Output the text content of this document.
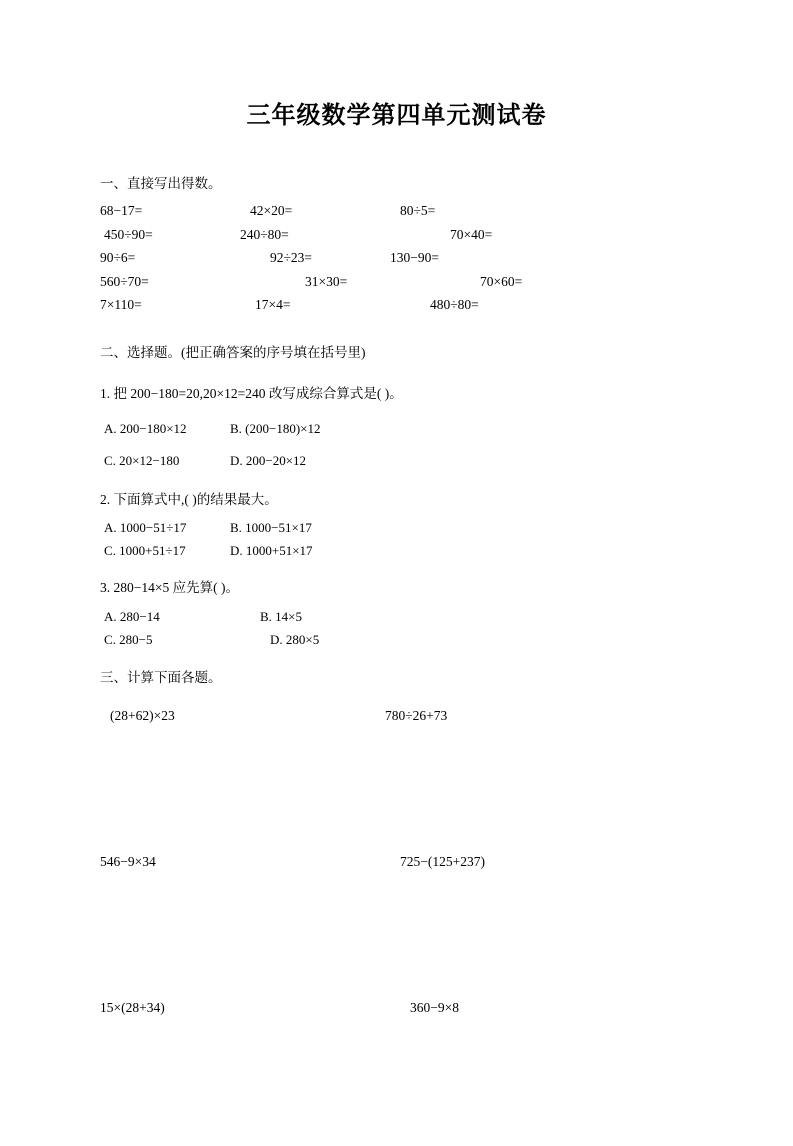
三年级数学第四单元测试卷
一、直接写出得数。
68−17=	42×20=	80÷5=
450÷90=	240÷80=	70×40=
90÷6=	92÷23=	130−90=
560÷70=	31×30=	70×60=
7×110=	17×4=	480÷80=
二、选择题。(把正确答案的序号填在括号里)
1. 把 200−180=20,20×12=240 改写成综合算式是( )。
A. 200−180×12	B. (200−180)×12
C. 20×12−180	D. 200−20×12
2. 下面算式中,( )的结果最大。
A. 1000−51÷17	B. 1000−51×17
C. 1000+51÷17	D. 1000+51×17
3. 280−14×5 应先算( )。
A. 280−14	B. 14×5
C. 280−5	D. 280×5
三、计算下面各题。
(28+62)×23	780÷26+73
546−9×34	725−(125+237)
15×(28+34)	360−9×8
